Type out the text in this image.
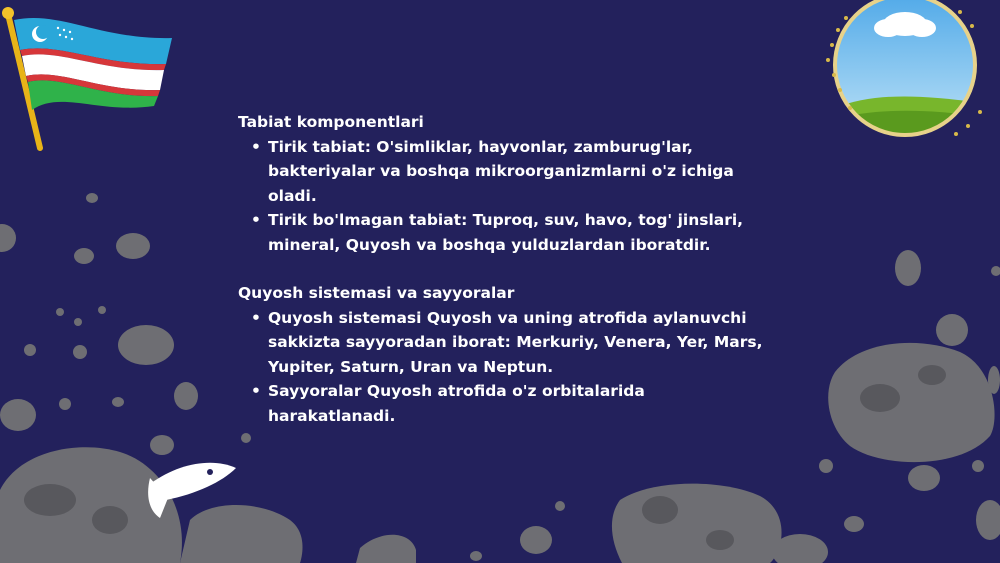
Tabiat komponentlari

• Tirik tabiat: O'simliklar, hayvonlar, zamburug'lar, bakteriyalar va boshqa mikroorganizmlarni o'z ichiga oladi.
• Tirik bo'lmagan tabiat: Tuproq, suv, havo, tog' jinslari, mineral, Quyosh va boshqa yulduzlardan iboratdir.

Quyosh sistemasi va sayyoralar

• Quyosh sistemasi Quyosh va uning atrofida aylanuvchi sakkizta sayyoradan iborat: Merkuriy, Venera, Yer, Mars, Yupiter, Saturn, Uran va Neptun.
• Sayyoralar Quyosh atrofida o'z orbitalarida harakatlanadi.
